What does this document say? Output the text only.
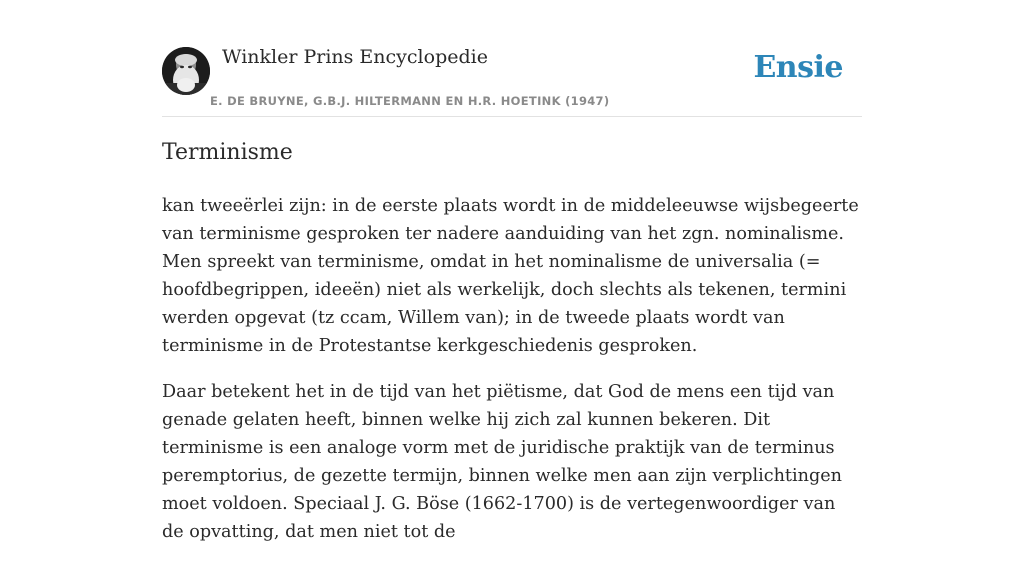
Winkler Prins Encyclopedie	Ensie
E. DE BRUYNE, G.B.J. HILTERMANN EN H.R. HOETINK (1947)
Terminisme

kan tweeërlei zijn: in de eerste plaats wordt in de middeleeuwse wijsbegeerte van terminisme gesproken ter nadere aanduiding van het zgn. nominalisme. Men spreekt van terminisme, omdat in het nominalisme de universalia (= hoofdbegrippen, ideeën) niet als werkelijk, doch slechts als tekenen, termini werden opgevat (tz ccam, Willem van); in de tweede plaats wordt van terminisme in de Protestantse kerkgeschiedenis gesproken.

Daar betekent het in de tijd van het piëtisme, dat God de mens een tijd van genade gelaten heeft, binnen welke hij zich zal kunnen bekeren. Dit terminisme is een analoge vorm met de juridische praktijk van de terminus peremptorius, de gezette termijn, binnen welke men aan zijn verplichtingen moet voldoen. Speciaal J. G. Böse (1662-1700) is de vertegenwoordiger van de opvatting, dat men niet tot de
